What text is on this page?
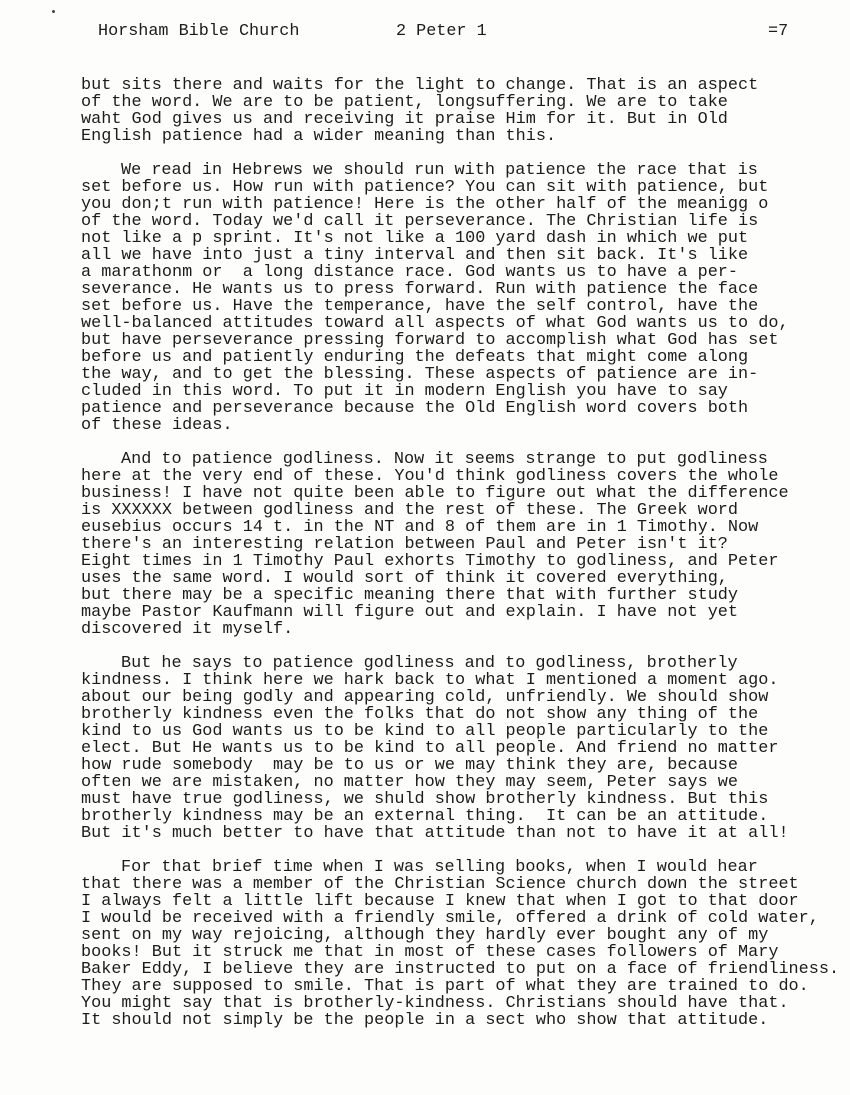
Horsham Bible Church	2 Peter 1	=7
but sits there and waits for the light to change. That is an aspect
of the word. We are to be patient, longsuffering. We are to take
waht God gives us and receiving it praise Him for it. But in Old
English patience had a wider meaning than this.
We read in Hebrews we should run with patience the race that is
set before us. How run with patience? You can sit with patience, but
you don;t run with patience! Here is the other half of the meanigg o
of the word. Today we'd call it perseverance. The Christian life is
not like a p sprint. It's not like a 100 yard dash in which we put
all we have into just a tiny interval and then sit back. It's like
a marathonm or  a long distance race. God wants us to have a per-
severance. He wants us to press forward. Run with patience the face
set before us. Have the temperance, have the self control, have the
well-balanced attitudes toward all aspects of what God wants us to do,
but have perseverance pressing forward to accomplish what God has set
before us and patiently enduring the defeats that might come along
the way, and to get the blessing. These aspects of patience are in-
cluded in this word. To put it in modern English you have to say
patience and perseverance because the Old English word covers both
of these ideas.
And to patience godliness. Now it seems strange to put godliness
here at the very end of these. You'd think godliness covers the whole
business! I have not quite been able to figure out what the difference
is XXXXXX between godliness and the rest of these. The Greek word
eusebius occurs 14 t. in the NT and 8 of them are in 1 Timothy. Now
there's an interesting relation between Paul and Peter isn't it?
Eight times in 1 Timothy Paul exhorts Timothy to godliness, and Peter
uses the same word. I would sort of think it covered everything,
but there may be a specific meaning there that with further study
maybe Pastor Kaufmann will figure out and explain. I have not yet
discovered it myself.
But he says to patience godliness and to godliness, brotherly
kindness. I think here we hark back to what I mentioned a moment ago.
about our being godly and appearing cold, unfriendly. We should show
brotherly kindness even the folks that do not show any thing of the
kind to us God wants us to be kind to all people particularly to the
elect. But He wants us to be kind to all people. And friend no matter
how rude somebody  may be to us or we may think they are, because
often we are mistaken, no matter how they may seem, Peter says we
must have true godliness, we shuld show brotherly kindness. But this
brotherly kindness may be an external thing.  It can be an attitude.
But it's much better to have that attitude than not to have it at all!
For that brief time when I was selling books, when I would hear
that there was a member of the Christian Science church down the street
I always felt a little lift because I knew that when I got to that door
I would be received with a friendly smile, offered a drink of cold water,
sent on my way rejoicing, although they hardly ever bought any of my
books! But it struck me that in most of these cases followers of Mary
Baker Eddy, I believe they are instructed to put on a face of friendliness.
They are supposed to smile. That is part of what they are trained to do.
You might say that is brotherly-kindness. Christians should have that.
It should not simply be the people in a sect who show that attitude.
